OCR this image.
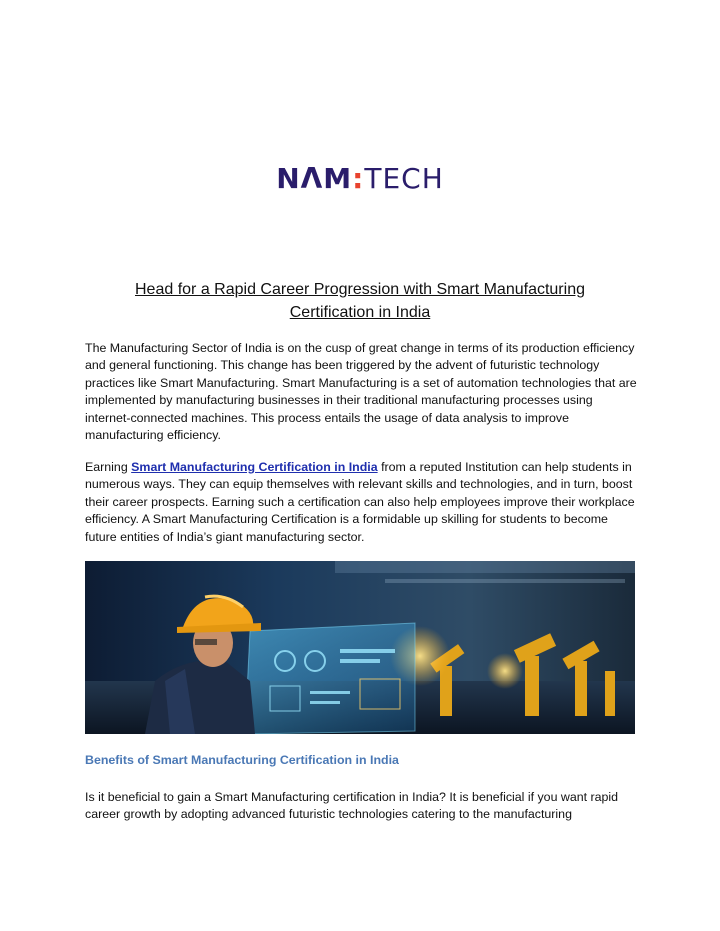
NΛM:TECH
Head for a Rapid Career Progression with Smart Manufacturing Certification in India
The Manufacturing Sector of India is on the cusp of great change in terms of its production efficiency and general functioning. This change has been triggered by the advent of futuristic technology practices like Smart Manufacturing. Smart Manufacturing is a set of automation technologies that are implemented by manufacturing businesses in their traditional manufacturing processes using internet-connected machines. This process entails the usage of data analysis to improve manufacturing efficiency.
Earning Smart Manufacturing Certification in India from a reputed Institution can help students in numerous ways. They can equip themselves with relevant skills and technologies, and in turn, boost their career prospects. Earning such a certification can also help employees improve their workplace efficiency. A Smart Manufacturing Certification is a formidable up skilling for students to become future entities of India’s giant manufacturing sector.
Benefits of Smart Manufacturing Certification in India
Is it beneficial to gain a Smart Manufacturing certification in India? It is beneficial if you want rapid career growth by adopting advanced futuristic technologies catering to the manufacturing
